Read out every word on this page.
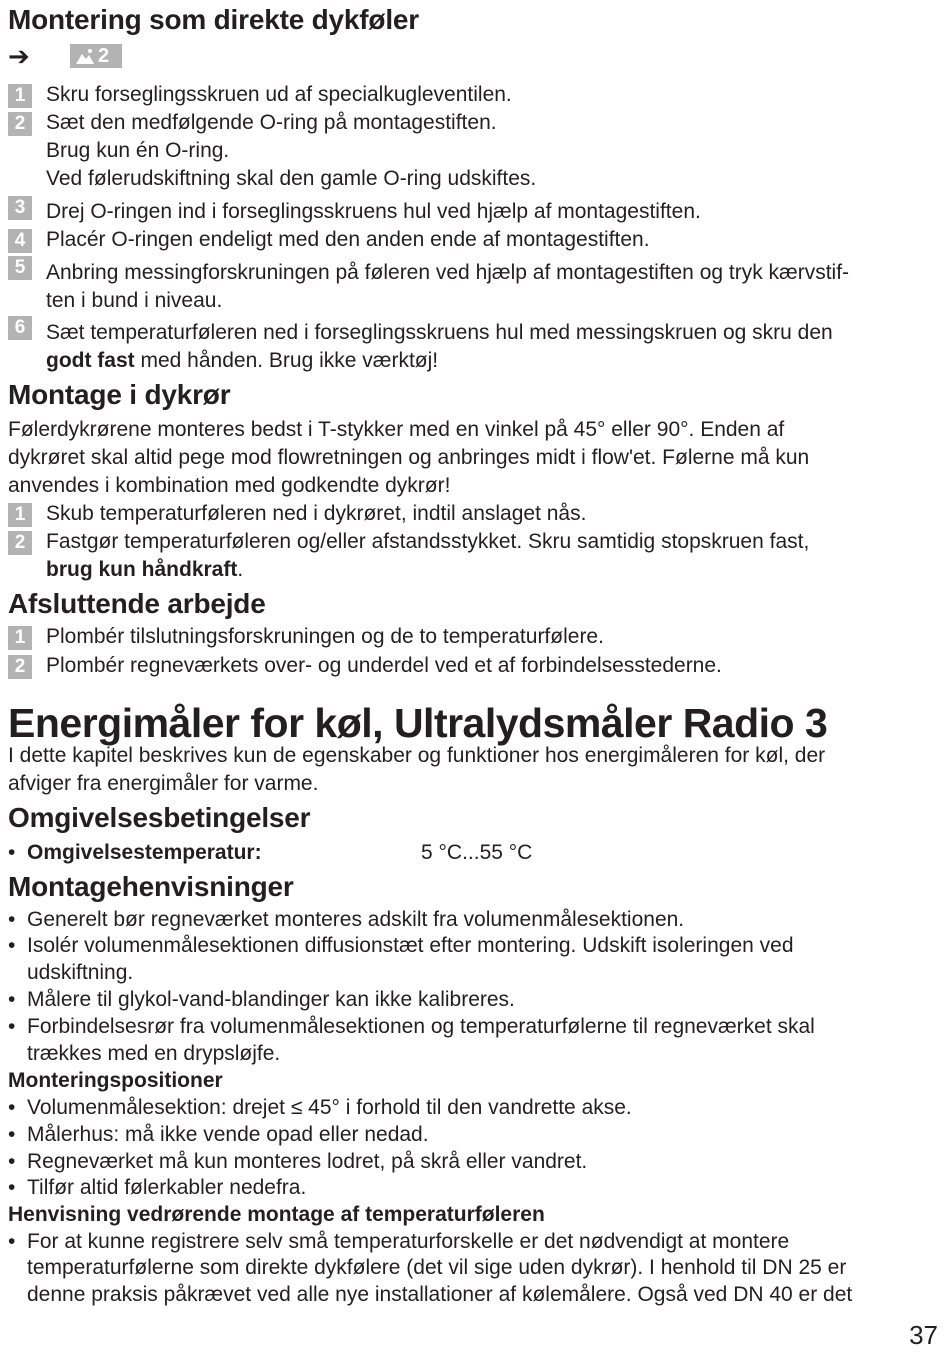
Montering som direkte dykføler
➔	2
1 Skru forseglingsskruen ud af specialkugleventilen.
2 Sæt den medfølgende O-ring på montagestiften.
Brug kun én O-ring.
Ved følerudskiftning skal den gamle O-ring udskiftes.
3 Drej O-ringen ind i forseglingsskruens hul ved hjælp af montagestiften.
4 Placér O-ringen endeligt med den anden ende af montagestiften.
5 Anbring messingforskruningen på føleren ved hjælp af montagestiften og tryk kærvstif-
ten i bund i niveau.
6 Sæt temperaturføleren ned i forseglingsskruens hul med messingskruen og skru den
godt fast med hånden. Brug ikke værktøj!
Montage i dykrør
Følerdykrørene monteres bedst i T-stykker med en vinkel på 45° eller 90°. Enden af
dykrøret skal altid pege mod flowretningen og anbringes midt i flow'et. Følerne må kun
anvendes i kombination med godkendte dykrør!
1 Skub temperaturføleren ned i dykrøret, indtil anslaget nås.
2 Fastgør temperaturføleren og/eller afstandsstykket. Skru samtidig stopskruen fast,
brug kun håndkraft.
Afsluttende arbejde
1 Plombér tilslutningsforskruningen og de to temperaturfølere.
2 Plombér regneværkets over- og underdel ved et af forbindelsesstederne.
Energimåler for køl, Ultralydsmåler Radio 3
I dette kapitel beskrives kun de egenskaber og funktioner hos energimåleren for køl, der
afviger fra energimåler for varme.
Omgivelsesbetingelser
• Omgivelsestemperatur:	5 °C...55 °C
Montagehenvisninger
• Generelt bør regneværket monteres adskilt fra volumenmålesektionen.
• Isolér volumenmålesektionen diffusionstæt efter montering. Udskift isoleringen ved
udskiftning.
• Målere til glykol-vand-blandinger kan ikke kalibreres.
• Forbindelsesrør fra volumenmålesektionen og temperaturfølerne til regneværket skal
trækkes med en drypsløjfe.
Monteringspositioner
• Volumenmålesektion: drejet ≤ 45° i forhold til den vandrette akse.
• Målerhus: må ikke vende opad eller nedad.
• Regneværket må kun monteres lodret, på skrå eller vandret.
• Tilfør altid følerkabler nedefra.
Henvisning vedrørende montage af temperaturføleren
• For at kunne registrere selv små temperaturforskelle er det nødvendigt at montere
temperaturfølerne som direkte dykfølere (det vil sige uden dykrør). I henhold til DN 25 er
denne praksis påkrævet ved alle nye installationer af kølemålere. Også ved DN 40 er det
37
